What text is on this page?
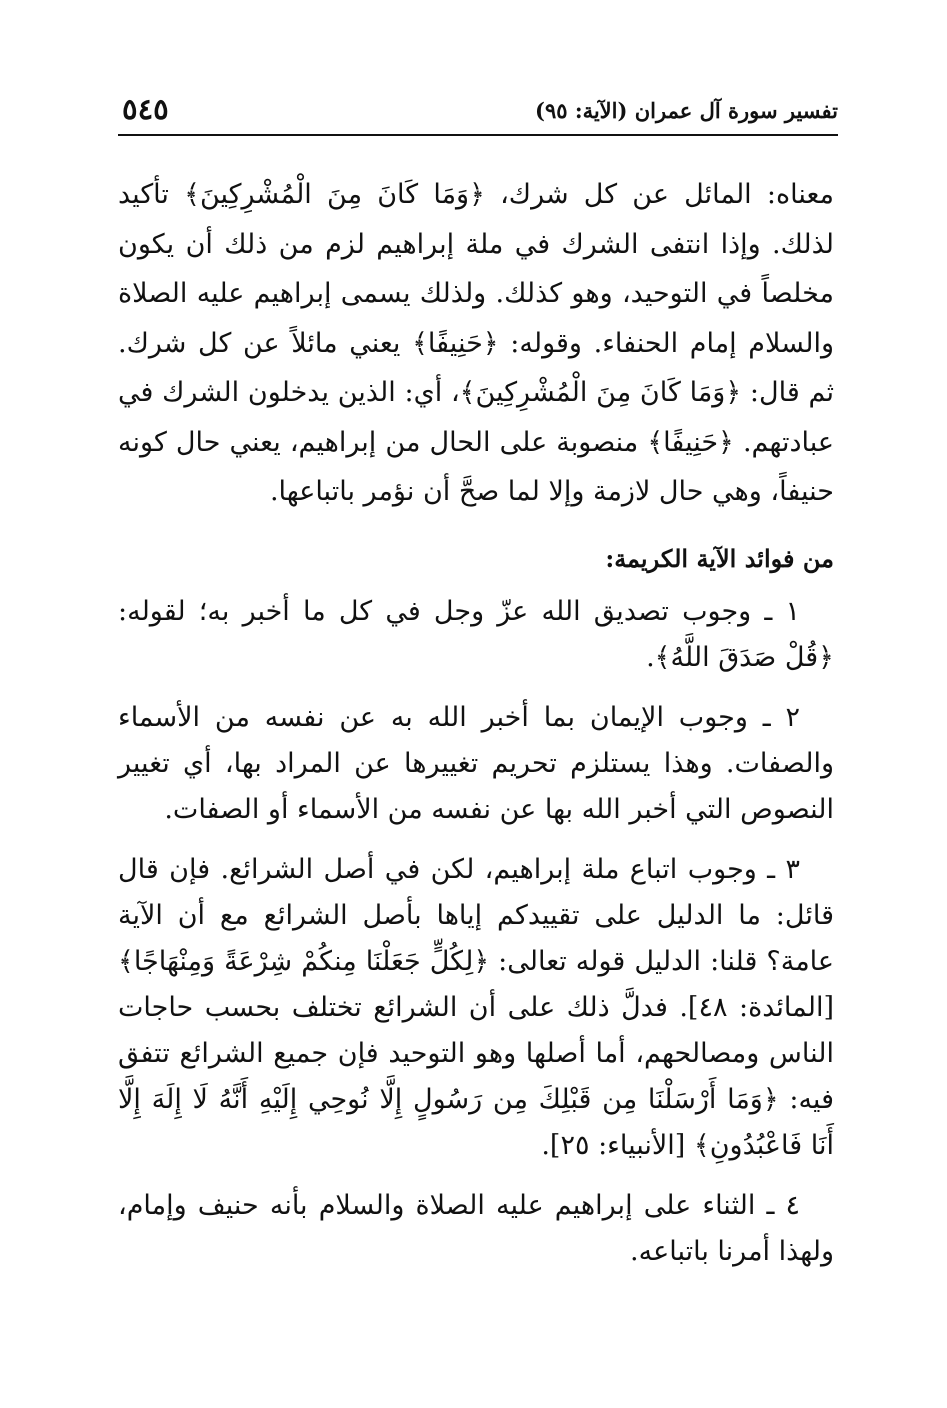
تفسير سورة آل عمران (الآية: ٩٥)
٥٤٥

معناه: المائل عن كل شرك، ﴿وَمَا كَانَ مِنَ الْمُشْرِكِينَ﴾ تأكيد لذلك. وإذا انتفى الشرك في ملة إبراهيم لزم من ذلك أن يكون مخلصاً في التوحيد، وهو كذلك. ولذلك يسمى إبراهيم عليه الصلاة والسلام إمام الحنفاء. وقوله: ﴿حَنِيفًا﴾ يعني مائلاً عن كل شرك. ثم قال: ﴿وَمَا كَانَ مِنَ الْمُشْرِكِينَ﴾، أي: الذين يدخلون الشرك في عبادتهم. ﴿حَنِيفًا﴾ منصوبة على الحال من إبراهيم، يعني حال كونه حنيفاً، وهي حال لازمة وإلا لما صحَّ أن نؤمر باتباعها.

من فوائد الآية الكريمة:

١ ـ وجوب تصديق الله عزّ وجل في كل ما أخبر به؛ لقوله: ﴿قُلْ صَدَقَ اللَّهُ﴾.

٢ ـ وجوب الإيمان بما أخبر الله به عن نفسه من الأسماء والصفات. وهذا يستلزم تحريم تغييرها عن المراد بها، أي تغيير النصوص التي أخبر الله بها عن نفسه من الأسماء أو الصفات.

٣ ـ وجوب اتباع ملة إبراهيم، لكن في أصل الشرائع. فإن قال قائل: ما الدليل على تقييدكم إياها بأصل الشرائع مع أن الآية عامة؟ قلنا: الدليل قوله تعالى: ﴿لِكُلٍّ جَعَلْنَا مِنكُمْ شِرْعَةً وَمِنْهَاجًا﴾ [المائدة: ٤٨]. فدلَّ ذلك على أن الشرائع تختلف بحسب حاجات الناس ومصالحهم، أما أصلها وهو التوحيد فإن جميع الشرائع تتفق فيه: ﴿وَمَا أَرْسَلْنَا مِن قَبْلِكَ مِن رَسُولٍ إِلَّا نُوحِي إِلَيْهِ أَنَّهُ لَا إِلَهَ إِلَّا أَنَا فَاعْبُدُونِ﴾ [الأنبياء: ٢٥].

٤ ـ الثناء على إبراهيم عليه الصلاة والسلام بأنه حنيف وإمام، ولهذا أمرنا باتباعه.
